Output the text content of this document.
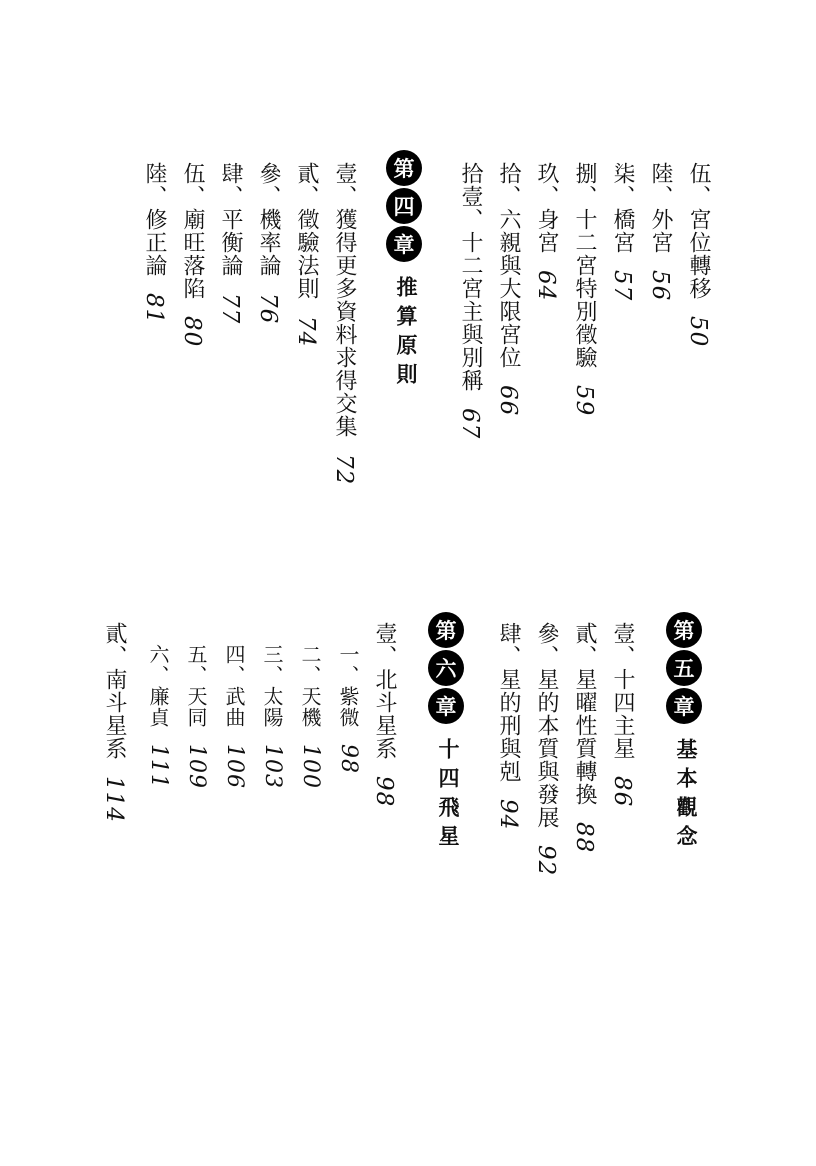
伍、宮位轉移50
陸、外宮56
柒、橋宮57
捌、十二宮特別徵驗59
玖、身宮64
拾、六親與大限宮位66
拾壹、十二宮主與別稱67
第
四
章
推算原則
壹、獲得更多資料求得交集72
貳、徵驗法則74
參、機率論76
肆、平衡論77
伍、廟旺落陷80
陸、修正論81
第
五
章
基本觀念
壹、十四主星86
貳、星曜性質轉換88
參、星的本質與發展92
肆、星的刑與剋94
第
六
章
十四飛星
壹、北斗星系98
一、紫微98
二、天機100
三、太陽103
四、武曲106
五、天同109
六、廉貞111
貳、南斗星系114
